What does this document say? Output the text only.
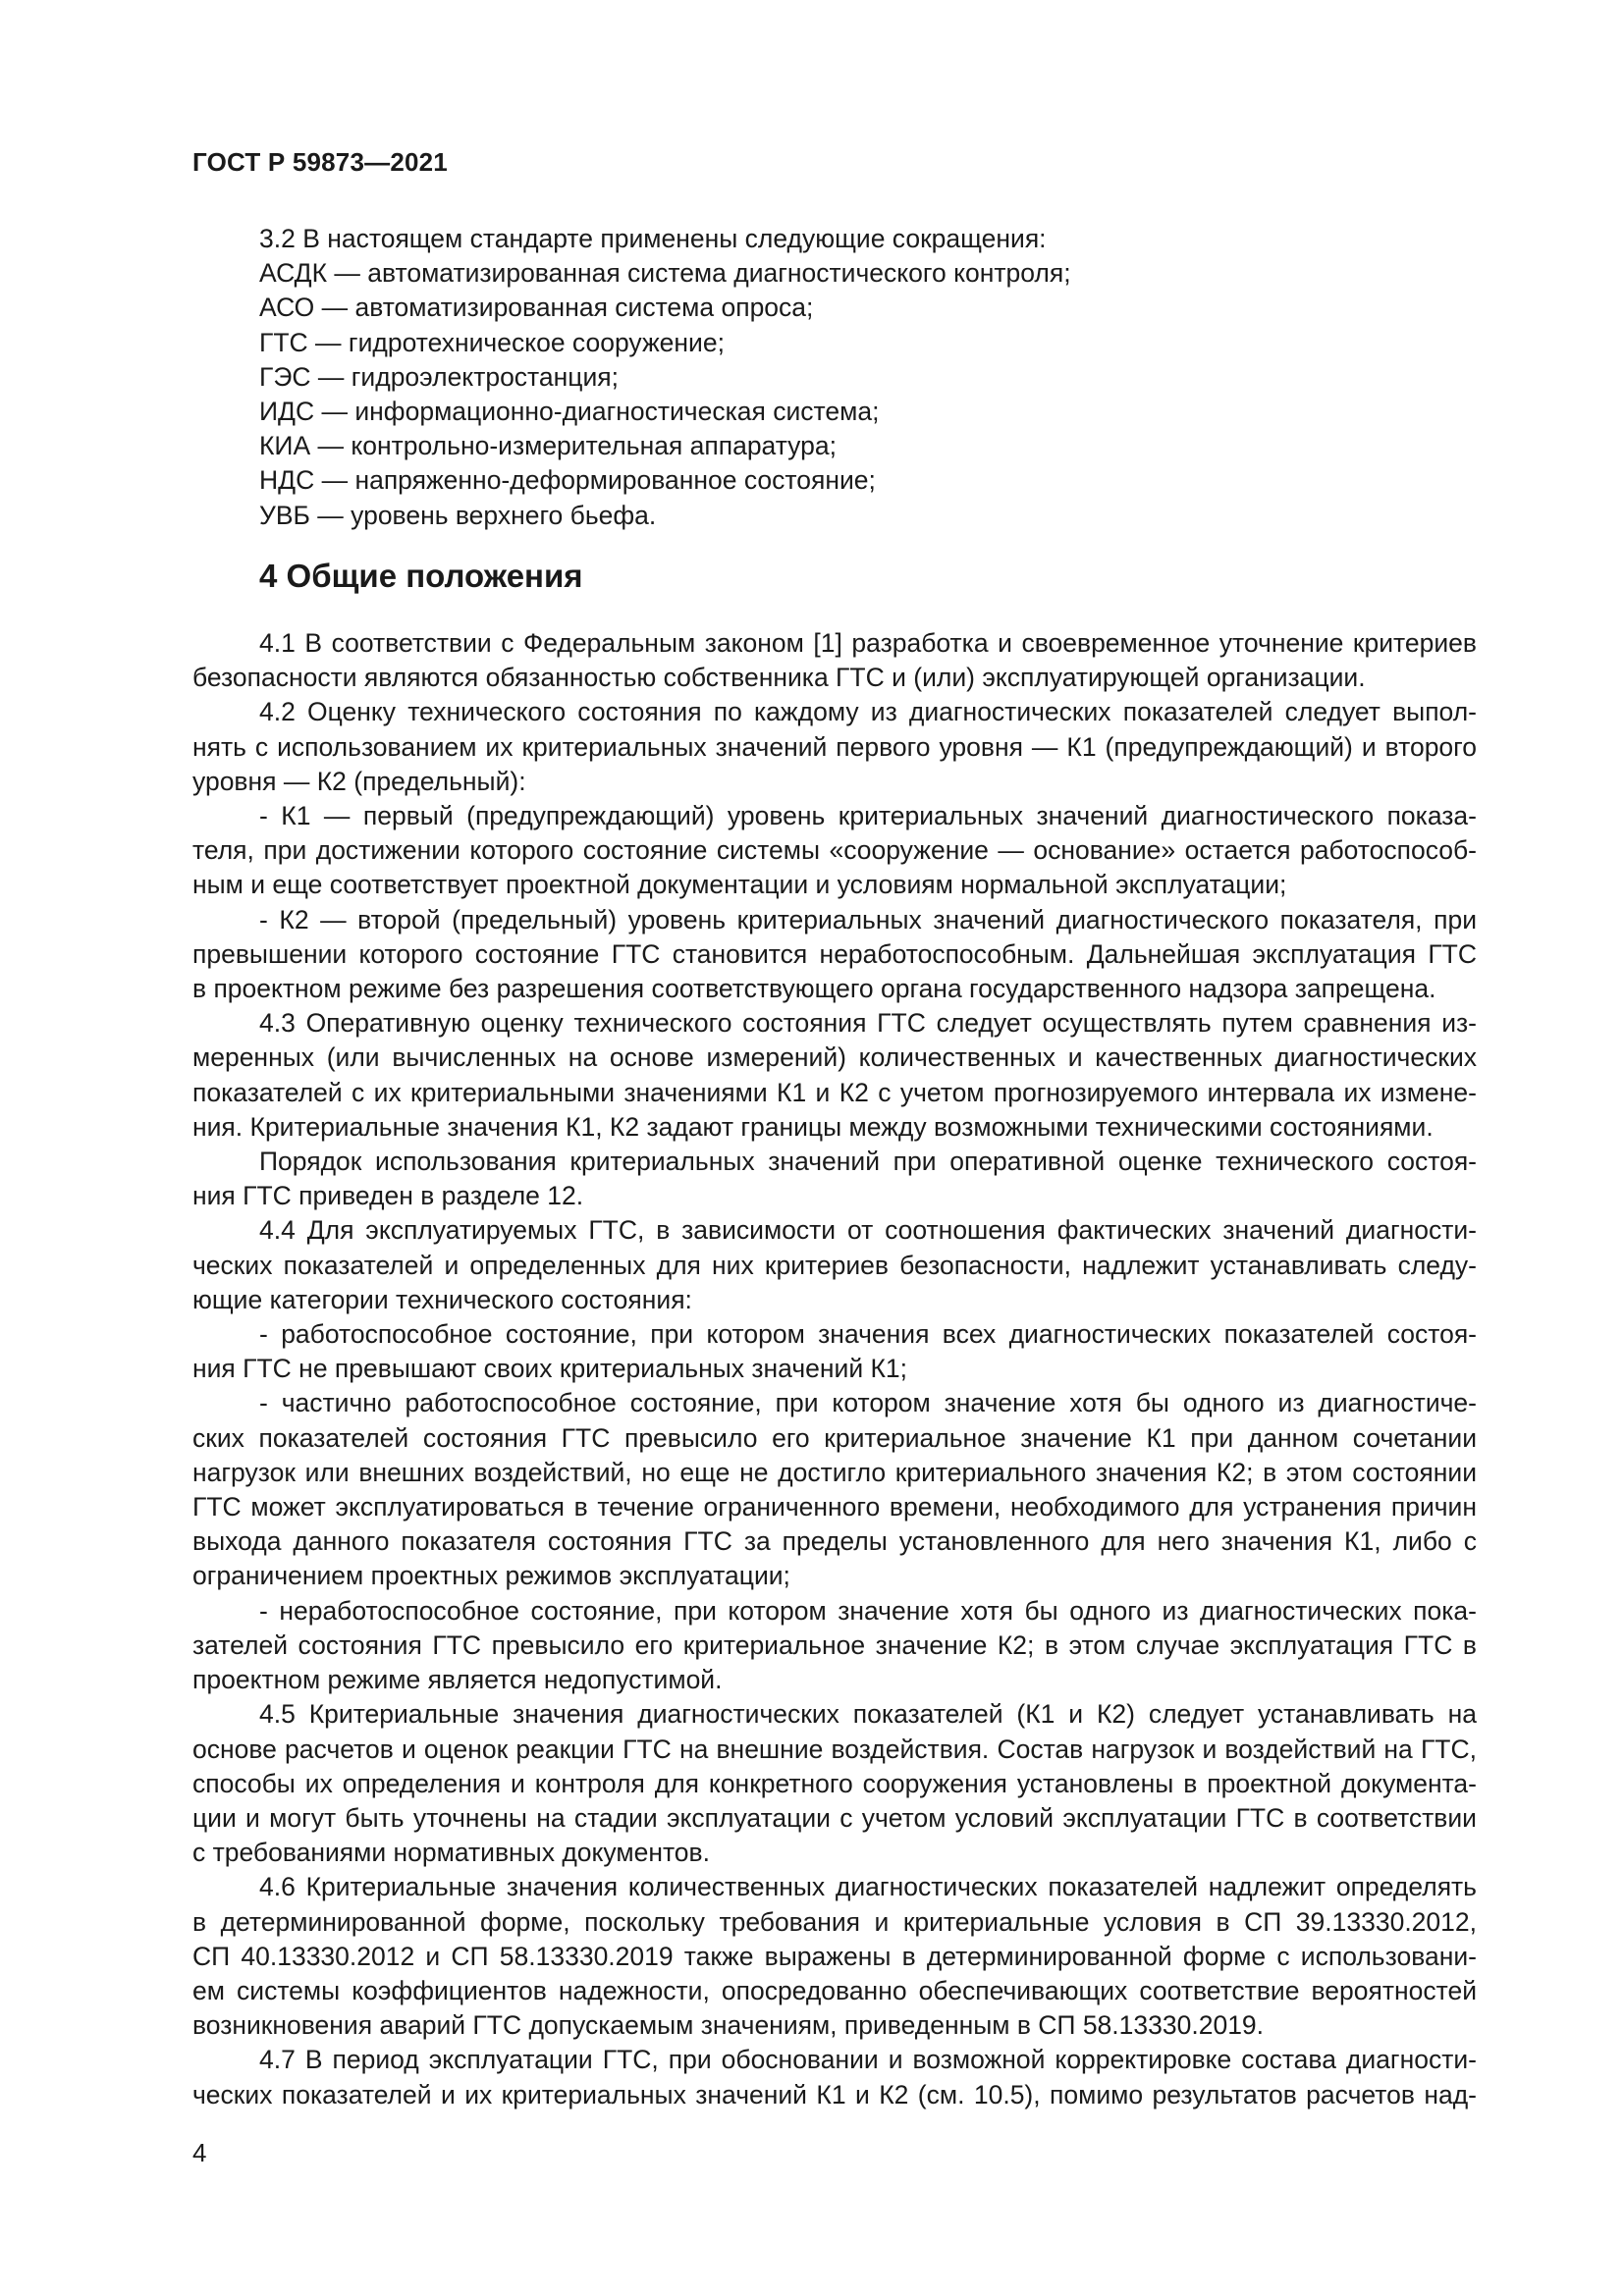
ГОСТ Р 59873—2021
3.2 В настоящем стандарте применены следующие сокращения:
АСДК — автоматизированная система диагностического контроля;
АСО — автоматизированная система опроса;
ГТС — гидротехническое сооружение;
ГЭС — гидроэлектростанция;
ИДС — информационно-диагностическая система;
КИА — контрольно-измерительная аппаратура;
НДС — напряженно-деформированное состояние;
УВБ — уровень верхнего бьефа.
4 Общие положения
4.1 В соответствии с Федеральным законом [1] разработка и своевременное уточнение критериев
безопасности являются обязанностью собственника ГТС и (или) эксплуатирующей организации.
4.2 Оценку технического состояния по каждому из диагностических показателей следует выпол-
нять с использованием их критериальных значений первого уровня — К1 (предупреждающий) и второго
уровня — К2 (предельный):
- К1 — первый (предупреждающий) уровень критериальных значений диагностического показа-
теля, при достижении которого состояние системы «сооружение — основание» остается работоспособ-
ным и еще соответствует проектной документации и условиям нормальной эксплуатации;
- К2 — второй (предельный) уровень критериальных значений диагностического показателя, при
превышении которого состояние ГТС становится неработоспособным. Дальнейшая эксплуатация ГТС
в проектном режиме без разрешения соответствующего органа государственного надзора запрещена.
4.3 Оперативную оценку технического состояния ГТС следует осуществлять путем сравнения из-
меренных (или вычисленных на основе измерений) количественных и качественных диагностических
показателей с их критериальными значениями К1 и К2 с учетом прогнозируемого интервала их измене-
ния. Критериальные значения К1, К2 задают границы между возможными техническими состояниями.
Порядок использования критериальных значений при оперативной оценке технического состоя-
ния ГТС приведен в разделе 12.
4.4 Для эксплуатируемых ГТС, в зависимости от соотношения фактических значений диагности-
ческих показателей и определенных для них критериев безопасности, надлежит устанавливать следу-
ющие категории технического состояния:
- работоспособное состояние, при котором значения всех диагностических показателей состоя-
ния ГТС не превышают своих критериальных значений К1;
- частично работоспособное состояние, при котором значение хотя бы одного из диагностиче-
ских показателей состояния ГТС превысило его критериальное значение К1 при данном сочетании
нагрузок или внешних воздействий, но еще не достигло критериального значения К2; в этом состоянии
ГТС может эксплуатироваться в течение ограниченного времени, необходимого для устранения причин
выхода данного показателя состояния ГТС за пределы установленного для него значения К1, либо с
ограничением проектных режимов эксплуатации;
- неработоспособное состояние, при котором значение хотя бы одного из диагностических пока-
зателей состояния ГТС превысило его критериальное значение К2; в этом случае эксплуатация ГТС в
проектном режиме является недопустимой.
4.5 Критериальные значения диагностических показателей (К1 и К2) следует устанавливать на
основе расчетов и оценок реакции ГТС на внешние воздействия. Состав нагрузок и воздействий на ГТС,
способы их определения и контроля для конкретного сооружения установлены в проектной документа-
ции и могут быть уточнены на стадии эксплуатации с учетом условий эксплуатации ГТС в соответствии
с требованиями нормативных документов.
4.6 Критериальные значения количественных диагностических показателей надлежит определять
в детерминированной форме, поскольку требования и критериальные условия в СП 39.13330.2012,
СП 40.13330.2012 и СП 58.13330.2019 также выражены в детерминированной форме с использовани-
ем системы коэффициентов надежности, опосредованно обеспечивающих соответствие вероятностей
возникновения аварий ГТС допускаемым значениям, приведенным в СП 58.13330.2019.
4.7 В период эксплуатации ГТС, при обосновании и возможной корректировке состава диагности-
ческих показателей и их критериальных значений К1 и К2 (см. 10.5), помимо результатов расчетов над-
4
